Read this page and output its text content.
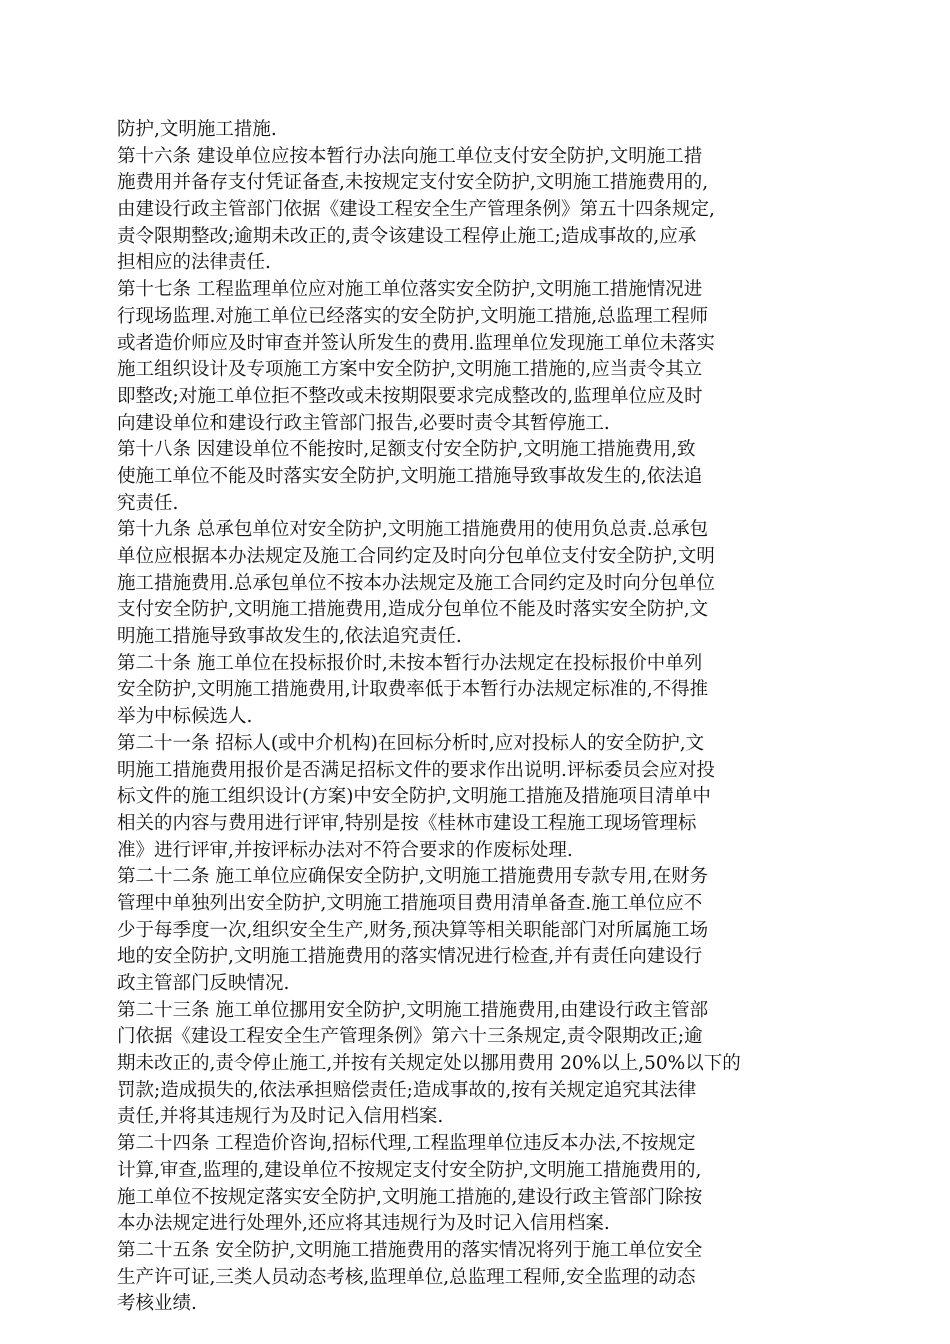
防护,文明施工措施.
第十六条 建设单位应按本暂行办法向施工单位支付安全防护,文明施工措
施费用并备存支付凭证备查,未按规定支付安全防护,文明施工措施费用的,
由建设行政主管部门依据《建设工程安全生产管理条例》第五十四条规定,
责令限期整改;逾期未改正的,责令该建设工程停止施工;造成事故的,应承
担相应的法律责任.
第十七条 工程监理单位应对施工单位落实安全防护,文明施工措施情况进
行现场监理.对施工单位已经落实的安全防护,文明施工措施,总监理工程师
或者造价师应及时审查并签认所发生的费用.监理单位发现施工单位未落实
施工组织设计及专项施工方案中安全防护,文明施工措施的,应当责令其立
即整改;对施工单位拒不整改或未按期限要求完成整改的,监理单位应及时
向建设单位和建设行政主管部门报告,必要时责令其暂停施工.
第十八条 因建设单位不能按时,足额支付安全防护,文明施工措施费用,致
使施工单位不能及时落实安全防护,文明施工措施导致事故发生的,依法追
究责任.
第十九条 总承包单位对安全防护,文明施工措施费用的使用负总责.总承包
单位应根据本办法规定及施工合同约定及时向分包单位支付安全防护,文明
施工措施费用.总承包单位不按本办法规定及施工合同约定及时向分包单位
支付安全防护,文明施工措施费用,造成分包单位不能及时落实安全防护,文
明施工措施导致事故发生的,依法追究责任.
第二十条 施工单位在投标报价时,未按本暂行办法规定在投标报价中单列
安全防护,文明施工措施费用,计取费率低于本暂行办法规定标准的,不得推
举为中标候选人.
第二十一条 招标人(或中介机构)在回标分析时,应对投标人的安全防护,文
明施工措施费用报价是否满足招标文件的要求作出说明.评标委员会应对投
标文件的施工组织设计(方案)中安全防护,文明施工措施及措施项目清单中
相关的内容与费用进行评审,特别是按《桂林市建设工程施工现场管理标
准》进行评审,并按评标办法对不符合要求的作废标处理.
第二十二条 施工单位应确保安全防护,文明施工措施费用专款专用,在财务
管理中单独列出安全防护,文明施工措施项目费用清单备查.施工单位应不
少于每季度一次,组织安全生产,财务,预决算等相关职能部门对所属施工场
地的安全防护,文明施工措施费用的落实情况进行检查,并有责任向建设行
政主管部门反映情况.
第二十三条 施工单位挪用安全防护,文明施工措施费用,由建设行政主管部
门依据《建设工程安全生产管理条例》第六十三条规定,责令限期改正;逾
期未改正的,责令停止施工,并按有关规定处以挪用费用 20%以上,50%以下的
罚款;造成损失的,依法承担赔偿责任;造成事故的,按有关规定追究其法律
责任,并将其违规行为及时记入信用档案.
第二十四条 工程造价咨询,招标代理,工程监理单位违反本办法,不按规定
计算,审查,监理的,建设单位不按规定支付安全防护,文明施工措施费用的,
施工单位不按规定落实安全防护,文明施工措施的,建设行政主管部门除按
本办法规定进行处理外,还应将其违规行为及时记入信用档案.
第二十五条 安全防护,文明施工措施费用的落实情况将列于施工单位安全
生产许可证,三类人员动态考核,监理单位,总监理工程师,安全监理的动态
考核业绩.
